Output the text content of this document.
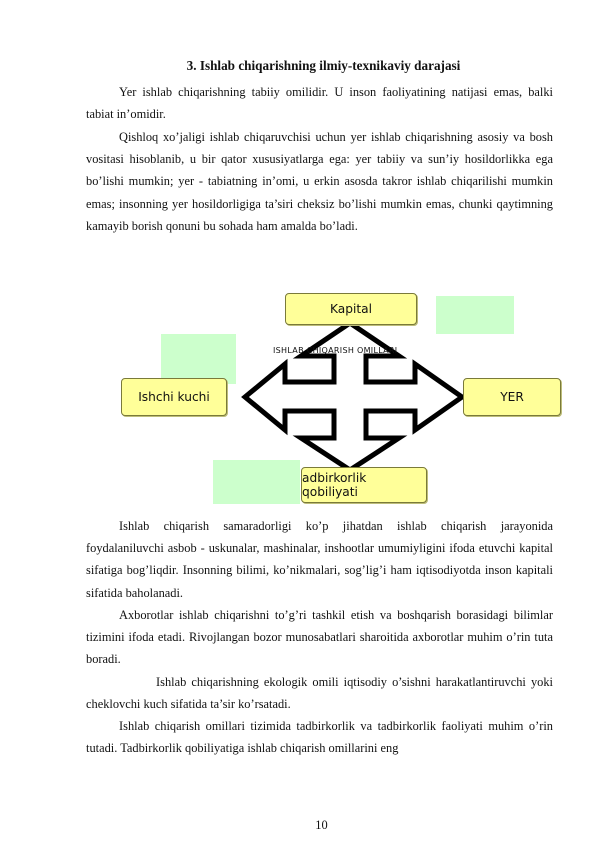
3. Ishlab chiqarishning ilmiy-texnikaviy darajasi

Yer ishlab chiqarishning tabiiy omilidir. U inson faoliyatining natijasi emas, balki tabiat in’omidir.

Qishloq xo’jaligi ishlab chiqaruvchisi uchun yer ishlab chiqarishning asosiy va bosh vositasi hisoblanib, u bir qator xususiyatlarga ega: yer tabiiy va sun’iy hosildorlikka ega bo’lishi mumkin; yer - tabiatning in’omi, u erkin asosda takror ishlab chiqarilishi mumkin emas; insonning yer hosildorligiga ta’siri cheksiz bo’lishi mumkin emas, chunki qaytimning kamayib borish qonuni bu sohada ham amalda bo’ladi.

Kapital
Ishchi kuchi	YER
adbirkorlik qobiliyati
ISHLAB CHIQARISH OMILLARI

Ishlab chiqarish samaradorligi ko’p jihatdan ishlab chiqarish jarayonida foydalaniluvchi asbob - uskunalar, mashinalar, inshootlar umumiyligini ifoda etuvchi kapital sifatiga bog’liqdir. Insonning bilimi, ko’nikmalari, sog’lig’i ham iqtisodiyotda inson kapitali sifatida baholanadi.

Axborotlar ishlab chiqarishni to’g’ri tashkil etish va boshqarish borasidagi bilimlar tizimini ifoda etadi. Rivojlangan bozor munosabatlari sharoitida axborotlar muhim o’rin tuta boradi.

Ishlab chiqarishning ekologik omili iqtisodiy o’sishni harakatlantiruvchi yoki cheklovchi kuch sifatida ta’sir ko’rsatadi.

Ishlab chiqarish omillari tizimida tadbirkorlik va tadbirkorlik faoliyati muhim o’rin tutadi. Tadbirkorlik qobiliyatiga ishlab chiqarish omillarini eng

10
